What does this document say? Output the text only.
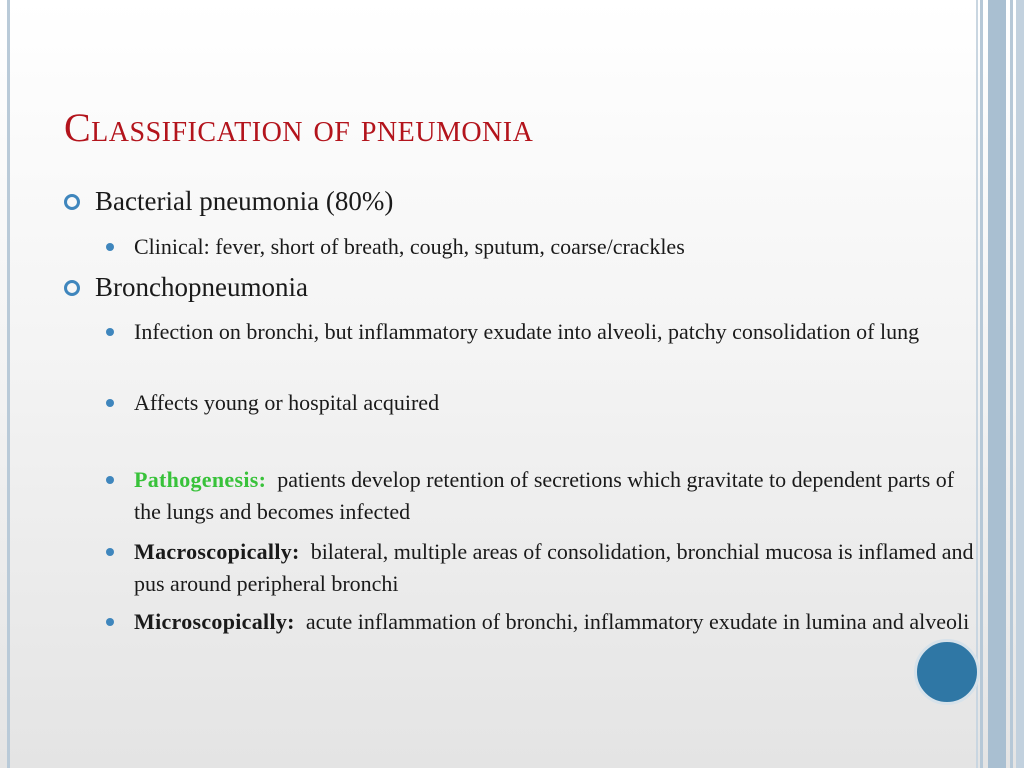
Classification of pneumonia
Bacterial pneumonia (80%)
Clinical: fever, short of breath, cough, sputum, coarse/crackles
Bronchopneumonia
Infection on bronchi, but inflammatory exudate into alveoli, patchy consolidation of lung
Affects young or hospital acquired
Pathogenesis: patients develop retention of secretions which gravitate to dependent parts of the lungs and becomes infected
Macroscopically: bilateral, multiple areas of consolidation, bronchial mucosa is inflamed and pus around peripheral bronchi
Microscopically: acute inflammation of bronchi, inflammatory exudate in lumina and alveoli
